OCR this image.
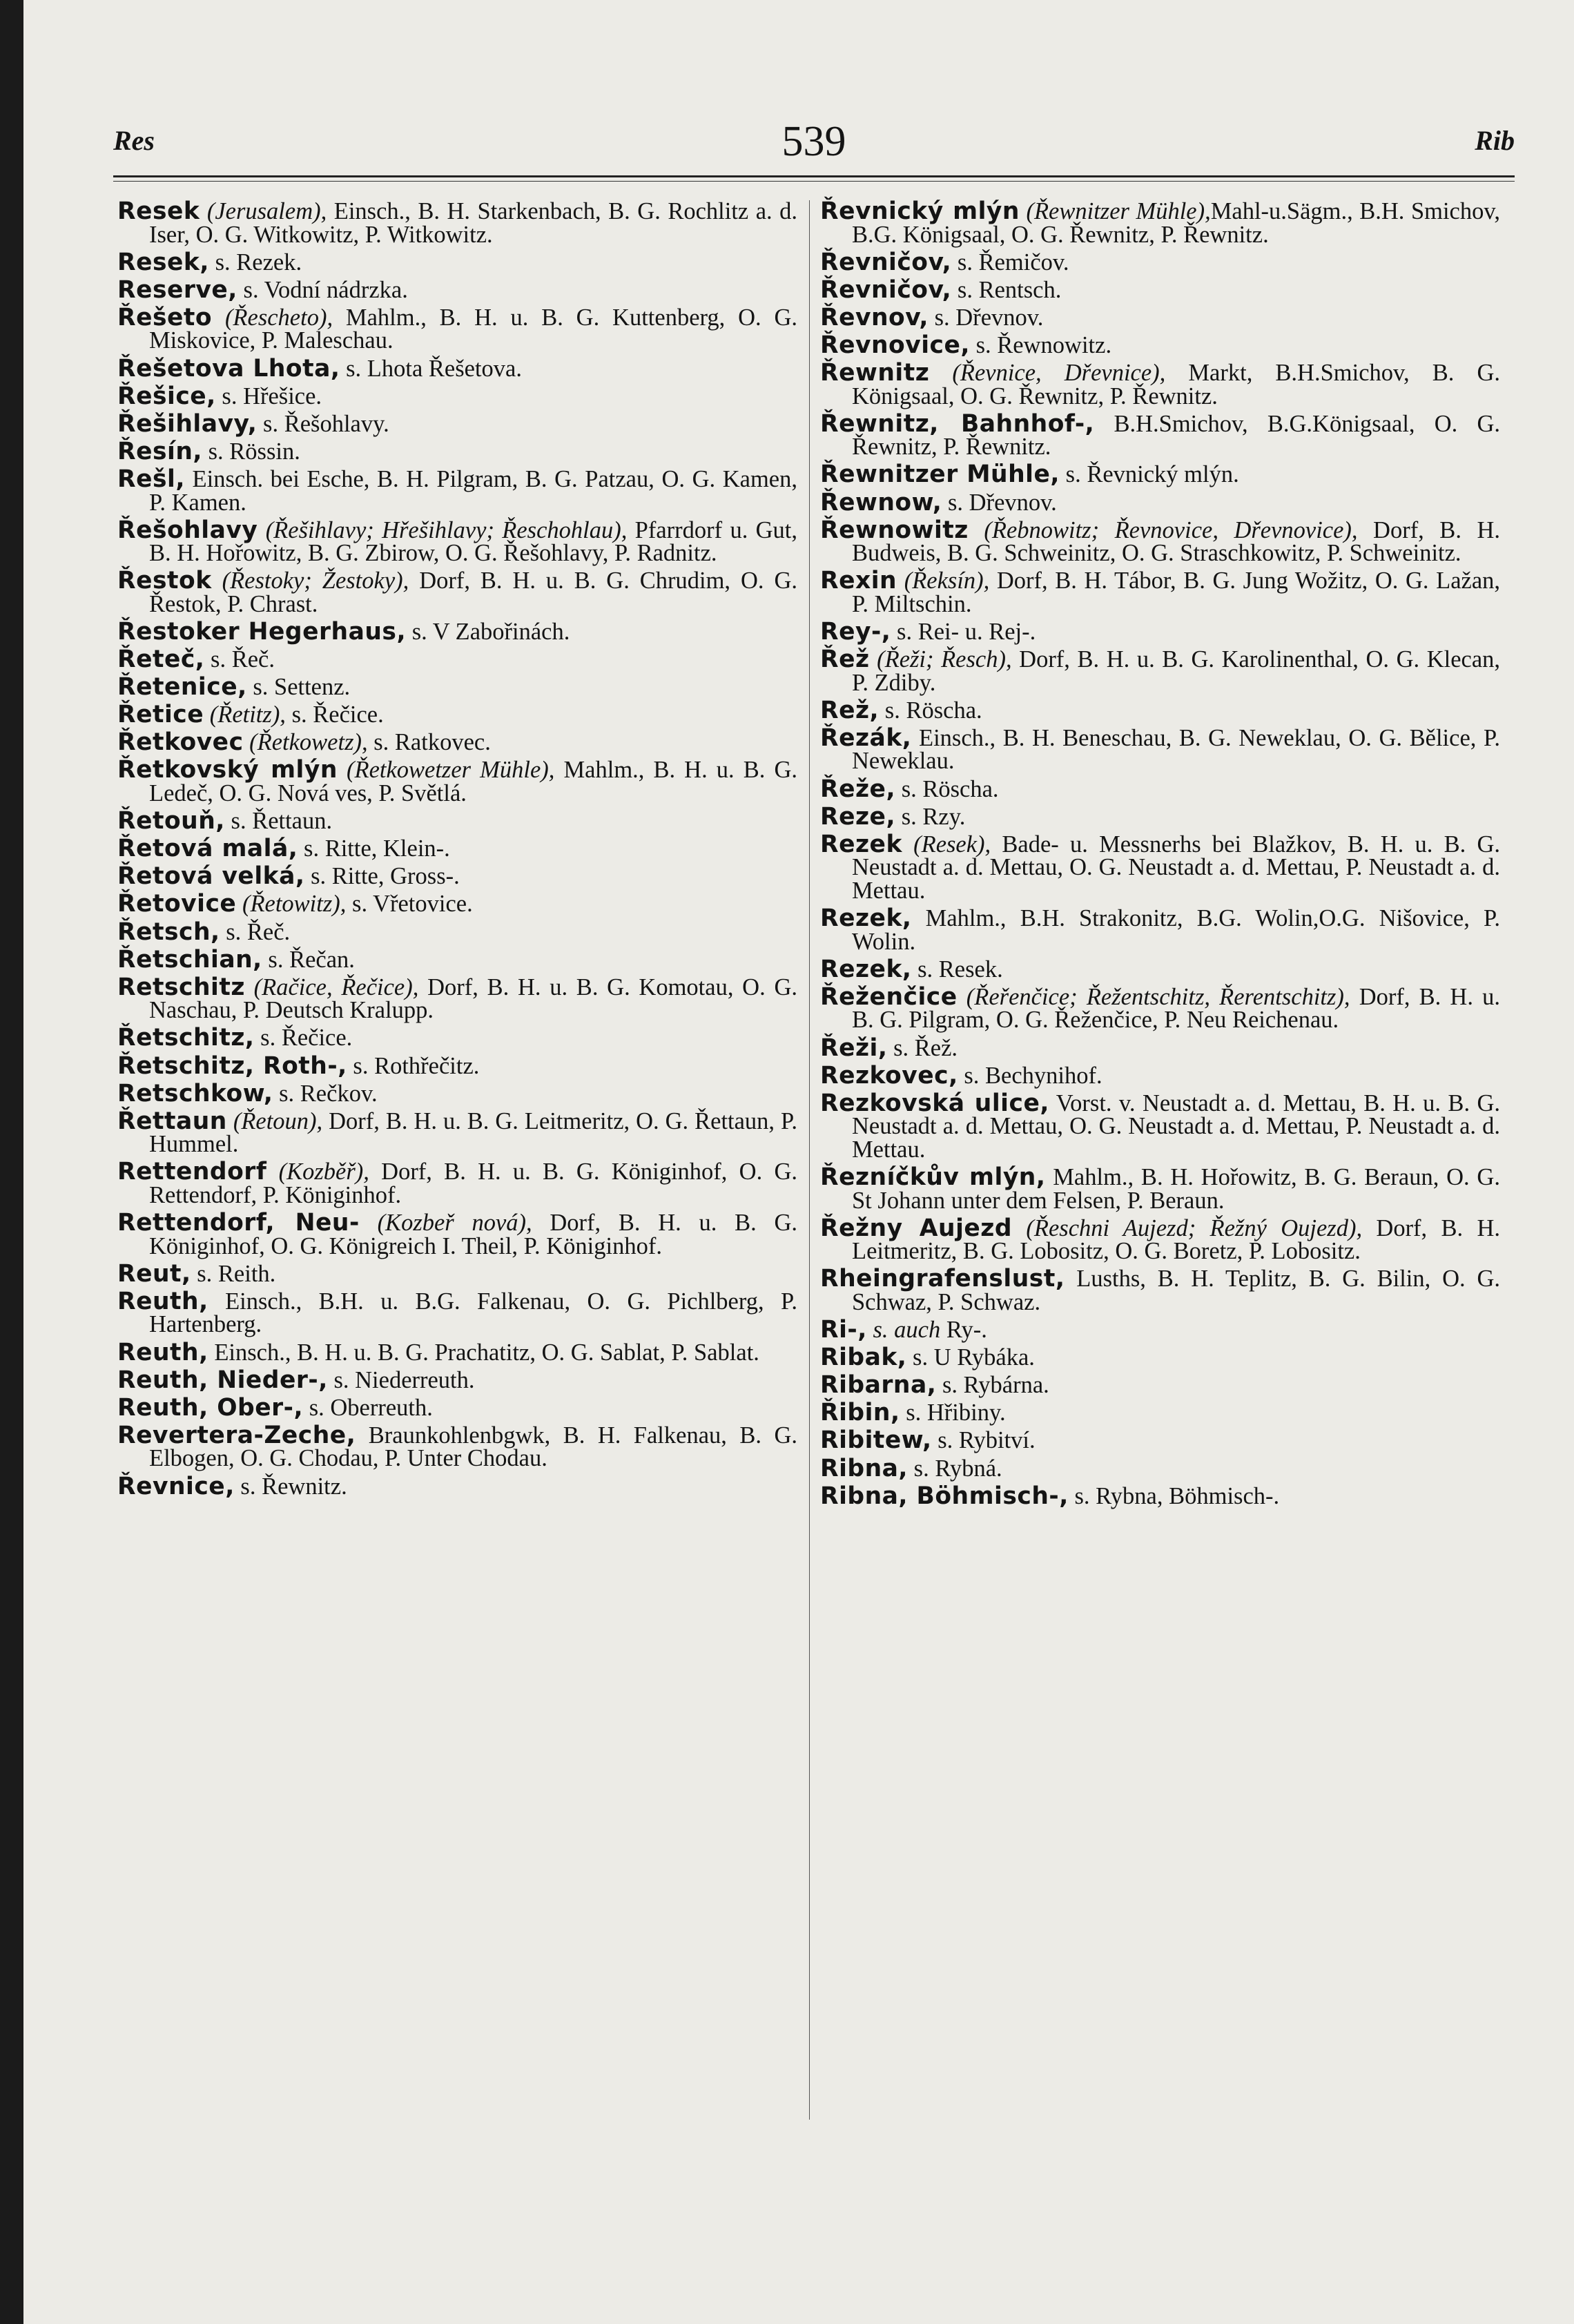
Res	539	Rib

Resek (Jerusalem), Einsch., B. H. Starkenbach, B. G. Rochlitz a. d. Iser, O. G. Witkowitz, P. Witkowitz.

Resek, s. Rezek.

Reserve, s. Vodní nádrzka.

Řešeto (Řescheto), Mahlm., B. H. u. B. G. Kuttenberg, O. G. Miskovice, P. Maleschau.

Řešetova Lhota, s. Lhota Řešetova.

Řešice, s. Hřešice.

Řešihlavy, s. Řešohlavy.

Řesín, s. Rössin.

Rešl, Einsch. bei Esche, B. H. Pilgram, B. G. Patzau, O. G. Kamen, P. Kamen.

Řešohlavy (Řešihlavy; Hřešihlavy; Řeschohlau), Pfarrdorf u. Gut, B. H. Hořowitz, B. G. Zbirow, O. G. Řešohlavy, P. Radnitz.

Řestok (Řestoky; Žestoky), Dorf, B. H. u. B. G. Chrudim, O. G. Řestok, P. Chrast.

Řestoker Hegerhaus, s. V Zabořinách.

Řeteč, s. Řeč.

Řetenice, s. Settenz.

Řetice (Řetitz), s. Řečice.

Řetkovec (Řetkowetz), s. Ratkovec.

Řetkovský mlýn (Řetkowetzer Mühle), Mahlm., B. H. u. B. G. Ledeč, O. G. Nová ves, P. Světlá.

Řetouň, s. Řettaun.

Řetová malá, s. Ritte, Klein-.

Řetová velká, s. Ritte, Gross-.

Řetovice (Řetowitz), s. Vřetovice.

Řetsch, s. Řeč.

Řetschian, s. Řečan.

Retschitz (Račice, Řečice), Dorf, B. H. u. B. G. Komotau, O. G. Naschau, P. Deutsch Kralupp.

Řetschitz, s. Řečice.

Řetschitz, Roth-, s. Rothřečitz.

Retschkow, s. Rečkov.

Řettaun (Řetoun), Dorf, B. H. u. B. G. Leitmeritz, O. G. Řettaun, P. Hummel.

Rettendorf (Kozběř), Dorf, B. H. u. B. G. Königinhof, O. G. Rettendorf, P. Königinhof.

Rettendorf, Neu- (Kozbeř nová), Dorf, B. H. u. B. G. Königinhof, O. G. Königreich I. Theil, P. Königinhof.

Reut, s. Reith.

Reuth, Einsch., B.H. u. B.G. Falkenau, O. G. Pichlberg, P. Hartenberg.

Reuth, Einsch., B. H. u. B. G. Prachatitz, O. G. Sablat, P. Sablat.

Reuth, Nieder-, s. Niederreuth.

Reuth, Ober-, s. Oberreuth.

Revertera-Zeche, Braunkohlenbgwk, B. H. Falkenau, B. G. Elbogen, O. G. Chodau, P. Unter Chodau.

Řevnice, s. Řewnitz.

Řevnický mlýn (Řewnitzer Mühle),Mahl-u.Sägm., B.H. Smichov, B.G. Königsaal, O. G. Řewnitz, P. Řewnitz.

Řevničov, s. Řemičov.

Řevničov, s. Rentsch.

Řevnov, s. Dřevnov.

Řevnovice, s. Řewnowitz.

Řewnitz (Řevnice, Dřevnice), Markt, B.H.Smichov, B. G. Königsaal, O. G. Řewnitz, P. Řewnitz.

Řewnitz, Bahnhof-, B.H.Smichov, B.G.Königsaal, O. G. Řewnitz, P. Řewnitz.

Řewnitzer Mühle, s. Řevnický mlýn.

Řewnow, s. Dřevnov.

Řewnowitz (Řebnowitz; Řevnovice, Dřevnovice), Dorf, B. H. Budweis, B. G. Schweinitz, O. G. Straschkowitz, P. Schweinitz.

Rexin (Řeksín), Dorf, B. H. Tábor, B. G. Jung Wožitz, O. G. Lažan, P. Miltschin.

Rey-, s. Rei- u. Rej-.

Řež (Řeži; Řesch), Dorf, B. H. u. B. G. Karolinenthal, O. G. Klecan, P. Zdiby.

Rež, s. Röscha.

Řezák, Einsch., B. H. Beneschau, B. G. Neweklau, O. G. Bělice, P. Neweklau.

Řeže, s. Röscha.

Reze, s. Rzy.

Rezek (Resek), Bade- u. Messnerhs bei Blažkov, B. H. u. B. G. Neustadt a. d. Mettau, O. G. Neustadt a. d. Mettau, P. Neustadt a. d. Mettau.

Rezek, Mahlm., B.H. Strakonitz, B.G. Wolin,O.G. Nišovice, P. Wolin.

Rezek, s. Resek.

Řeženčice (Řeřenčice; Řežentschitz, Řerentschitz), Dorf, B. H. u. B. G. Pilgram, O. G. Řeženčice, P. Neu Reichenau.

Řeži, s. Řež.

Rezkovec, s. Bechynihof.

Rezkovská ulice, Vorst. v. Neustadt a. d. Mettau, B. H. u. B. G. Neustadt a. d. Mettau, O. G. Neustadt a. d. Mettau, P. Neustadt a. d. Mettau.

Řezníčkův mlýn, Mahlm., B. H. Hořowitz, B. G. Beraun, O. G. St Johann unter dem Felsen, P. Beraun.

Řežny Aujezd (Řeschni Aujezd; Řežný Oujezd), Dorf, B. H. Leitmeritz, B. G. Lobositz, O. G. Boretz, P. Lobositz.

Rheingrafenslust, Lusths, B. H. Teplitz, B. G. Bilin, O. G. Schwaz, P. Schwaz.

Ri-, s. auch Ry-.

Ribak, s. U Rybáka.

Ribarna, s. Rybárna.

Řibin, s. Hřibiny.

Ribitew, s. Rybitví.

Ribna, s. Rybná.

Ribna, Böhmisch-, s. Rybna, Böhmisch-.
